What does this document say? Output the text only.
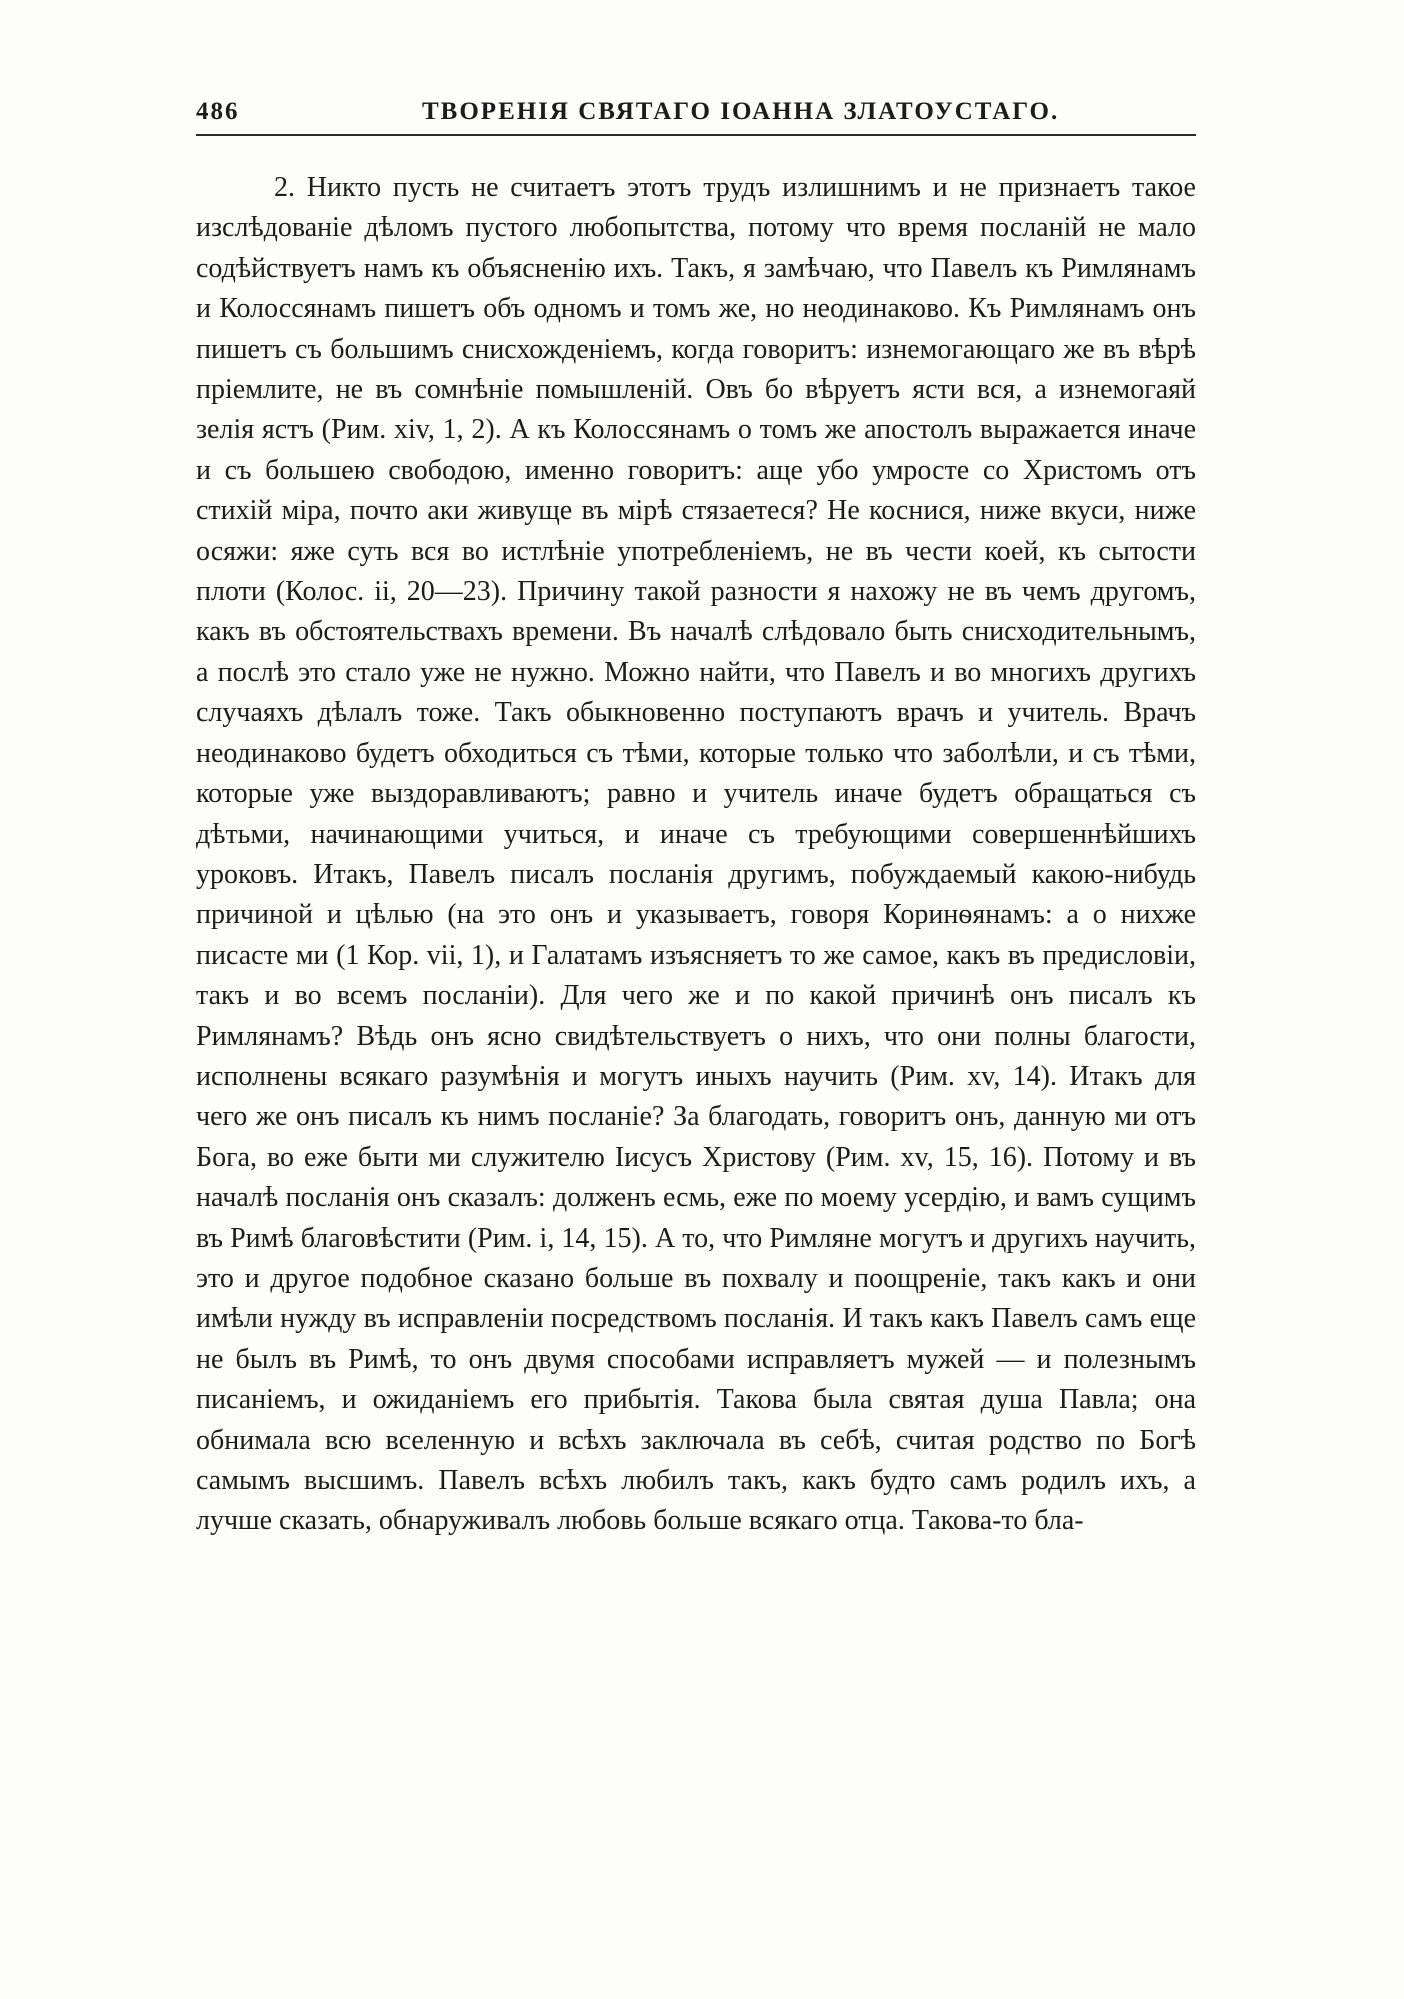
486	ТВОРЕНІЯ СВЯТАГО ІОАННА ЗЛАТОУСТАГО.

2. Никто пусть не считаетъ этотъ трудъ излишнимъ и не признаетъ такое изслѣдованіе дѣломъ пустого любопытства, потому что время посланій не мало содѣйствуетъ намъ къ объясненію ихъ. Такъ, я замѣчаю, что Павелъ къ Римлянамъ и Колоссянамъ пишетъ объ одномъ и томъ же, но неодинаково. Къ Римлянамъ онъ пишетъ съ большимъ снисхожденіемъ, когда говоритъ: изнемогающаго же въ вѣрѣ пріемлите, не въ сомнѣніе помышленій. Овъ бо вѣруетъ ясти вся, а изнемогаяй зелія ястъ (Рим. xiv, 1, 2). А къ Колоссянамъ о томъ же апостолъ выражается иначе и съ большею свободою, именно говоритъ: аще убо умросте со Христомъ отъ стихій міра, почто аки живуще въ мірѣ стязаетеся? Не коснися, ниже вкуси, ниже осяжи: яже суть вся во истлѣніе употребленіемъ, не въ чести коей, къ сытости плоти (Колос. ii, 20—23). Причину такой разности я нахожу не въ чемъ другомъ, какъ въ обстоятельствахъ времени. Въ началѣ слѣдовало быть снисходительнымъ, а послѣ это стало уже не нужно. Можно найти, что Павелъ и во многихъ другихъ случаяхъ дѣлалъ тоже. Такъ обыкновенно поступаютъ врачъ и учитель. Врачъ неодинаково будетъ обходиться съ тѣми, которые только что заболѣли, и съ тѣми, которые уже выздоравливаютъ; равно и учитель иначе будетъ обращаться съ дѣтьми, начинающими учиться, и иначе съ требующими совершеннѣйшихъ уроковъ. Итакъ, Павелъ писалъ посланія другимъ, побуждаемый какою-нибудь причиной и цѣлью (на это онъ и указываетъ, говоря Коринѳянамъ: а о нихже писасте ми (1 Кор. vii, 1), и Галатамъ изъясняетъ то же самое, какъ въ предисловіи, такъ и во всемъ посланіи). Для чего же и по какой причинѣ онъ писалъ къ Римлянамъ? Вѣдь онъ ясно свидѣтельствуетъ о нихъ, что они полны благости, исполнены всякаго разумѣнія и могутъ иныхъ научить (Рим. xv, 14). Итакъ для чего же онъ писалъ къ нимъ посланіе? За благодать, говоритъ онъ, данную ми отъ Бога, во еже быти ми служителю Іисусъ Христову (Рим. xv, 15, 16). Потому и въ началѣ посланія онъ сказалъ: долженъ есмь, еже по моему усердію, и вамъ сущимъ въ Римѣ благовѣстити (Рим. i, 14, 15). А то, что Римляне могутъ и другихъ научить, это и другое подобное сказано больше въ похвалу и поощреніе, такъ какъ и они имѣли нужду въ исправленіи посредствомъ посланія. И такъ какъ Павелъ самъ еще не былъ въ Римѣ, то онъ двумя способами исправляетъ мужей — и полезнымъ писаніемъ, и ожиданіемъ его прибытія. Такова была святая душа Павла; она обнимала всю вселенную и всѣхъ заключала въ себѣ, считая родство по Богѣ самымъ высшимъ. Павелъ всѣхъ любилъ такъ, какъ будто самъ родилъ ихъ, а лучше сказать, обнаруживалъ любовь больше всякаго отца. Такова-то бла-
